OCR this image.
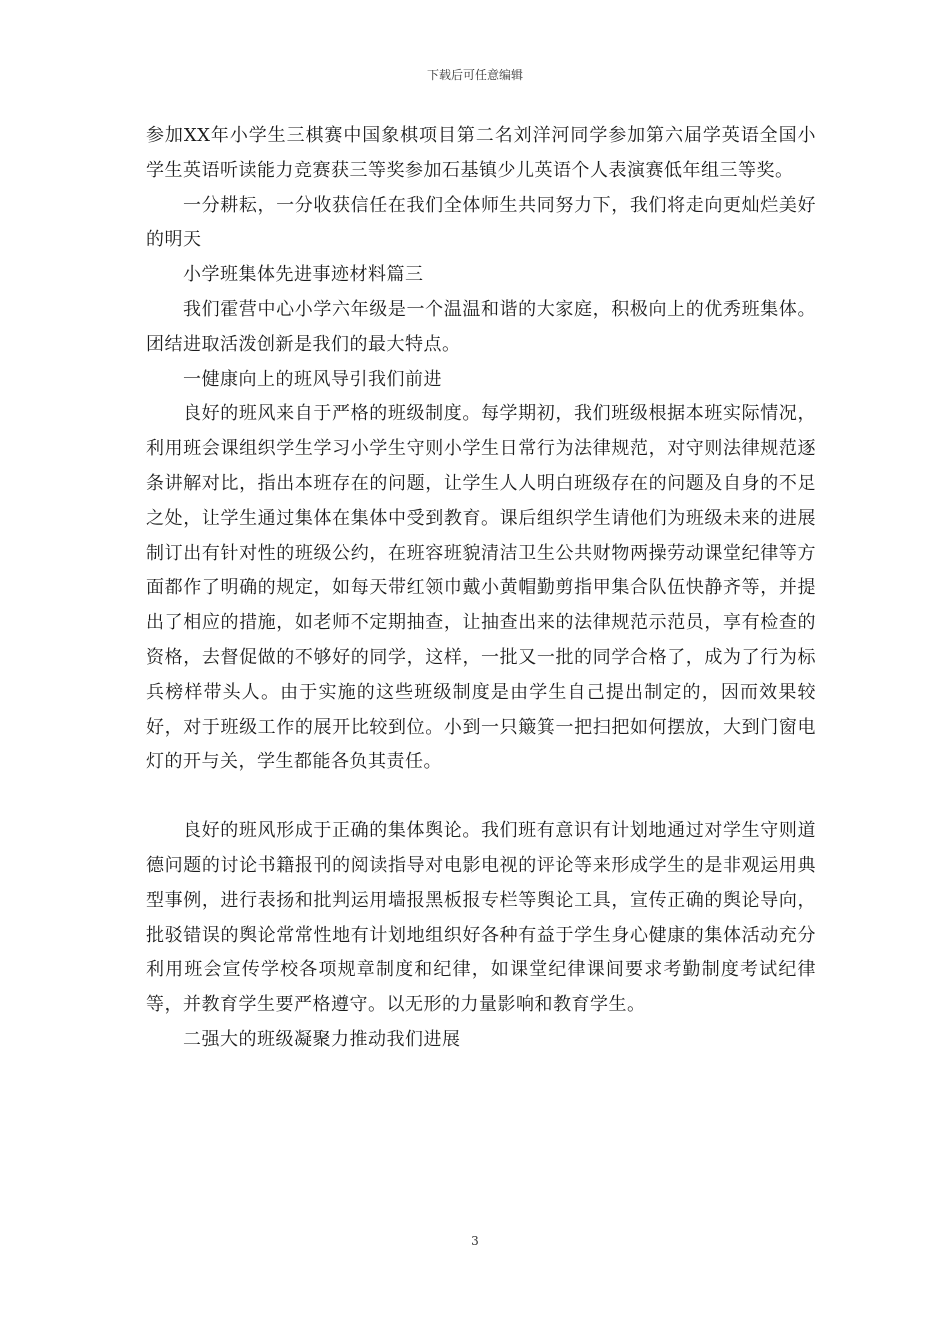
下载后可任意编辑

参加XX年小学生三棋赛中国象棋项目第二名刘洋河同学参加第六届学英语全国小学生英语听读能力竞赛获三等奖参加石基镇少儿英语个人表演赛低年组三等奖。

一分耕耘，一分收获信任在我们全体师生共同努力下，我们将走向更灿烂美好的明天

小学班集体先进事迹材料篇三

我们霍营中心小学六年级是一个温温和谐的大家庭，积极向上的优秀班集体。团结进取活泼创新是我们的最大特点。

一健康向上的班风导引我们前进

良好的班风来自于严格的班级制度。每学期初，我们班级根据本班实际情况，利用班会课组织学生学习小学生守则小学生日常行为法律规范，对守则法律规范逐条讲解对比，指出本班存在的问题，让学生人人明白班级存在的问题及自身的不足之处，让学生通过集体在集体中受到教育。课后组织学生请他们为班级未来的进展制订出有针对性的班级公约，在班容班貌清洁卫生公共财物两操劳动课堂纪律等方面都作了明确的规定，如每天带红领巾戴小黄帽勤剪指甲集合队伍快静齐等，并提出了相应的措施，如老师不定期抽查，让抽查出来的法律规范示范员，享有检查的资格，去督促做的不够好的同学，这样，一批又一批的同学合格了，成为了行为标兵榜样带头人。由于实施的这些班级制度是由学生自己提出制定的，因而效果较好，对于班级工作的展开比较到位。小到一只簸箕一把扫把如何摆放，大到门窗电灯的开与关，学生都能各负其责任。

良好的班风形成于正确的集体舆论。我们班有意识有计划地通过对学生守则道德问题的讨论书籍报刊的阅读指导对电影电视的评论等来形成学生的是非观运用典型事例，进行表扬和批判运用墙报黑板报专栏等舆论工具，宣传正确的舆论导向，批驳错误的舆论常常性地有计划地组织好各种有益于学生身心健康的集体活动充分利用班会宣传学校各项规章制度和纪律，如课堂纪律课间要求考勤制度考试纪律等，并教育学生要严格遵守。以无形的力量影响和教育学生。

二强大的班级凝聚力推动我们进展

3
